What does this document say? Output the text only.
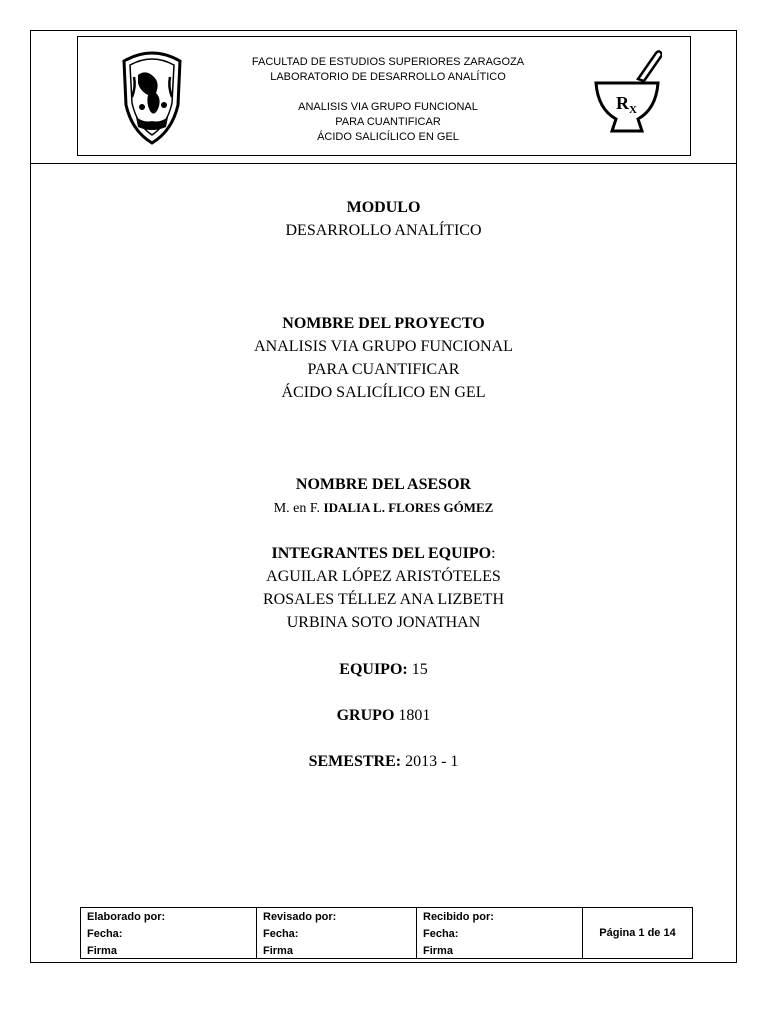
FACULTAD DE ESTUDIOS SUPERIORES ZARAGOZA
LABORATORIO DE DESARROLLO ANALÍTICO
ANALISIS VIA GRUPO FUNCIONAL
PARA CUANTIFICAR
ÁCIDO SALICÍLICO EN GEL
R X
MODULO
DESARROLLO ANALÍTICO
NOMBRE DEL PROYECTO
ANALISIS VIA GRUPO FUNCIONAL
PARA CUANTIFICAR
ÁCIDO SALICÍLICO EN GEL
NOMBRE DEL ASESOR
M. en F. IDALIA L. FLORES GÓMEZ
INTEGRANTES DEL EQUIPO:
AGUILAR LÓPEZ ARISTÓTELES
ROSALES TÉLLEZ ANA LIZBETH
URBINA SOTO JONATHAN
EQUIPO: 15
GRUPO 1801
SEMESTRE: 2013 - 1
Elaborado por:
Fecha:
Firma
Revisado por:
Fecha:
Firma
Recibido por:
Fecha:
Firma
Página 1 de 14
